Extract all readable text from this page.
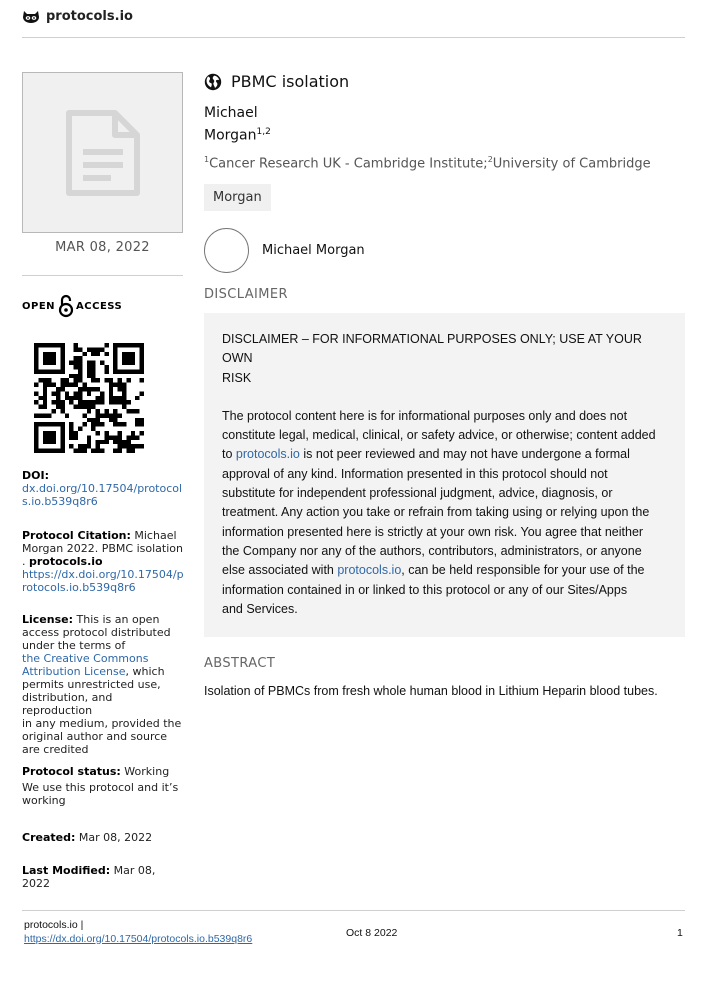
protocols.io
MAR 08, 2022
OPEN ACCESS
DOI:
dx.doi.org/10.17504/protocol
s.io.b539q8r6
Protocol Citation: Michael
Morgan 2022. PBMC isolation
. protocols.io
https://dx.doi.org/10.17504/p
rotocols.io.b539q8r6
License: This is an open
access protocol distributed
under the terms of
the Creative Commons
Attribution License, which
permits unrestricted use,
distribution, and reproduction
in any medium, provided the
original author and source
are credited
Protocol status: Working
We use this protocol and it’s
working
Created: Mar 08, 2022
Last Modified: Mar 08,
2022
PBMC isolation
Michael
Morgan$^{1,2}$
$^1$Cancer Research UK - Cambridge Institute;$^2$University of Cambridge
Morgan
Michael Morgan
DISCLAIMER
DISCLAIMER – FOR INFORMATIONAL PURPOSES ONLY; USE AT YOUR OWN
RISK
The protocol content here is for informational purposes only and does not
constitute legal, medical, clinical, or safety advice, or otherwise; content added
to protocols.io is not peer reviewed and may not have undergone a formal
approval of any kind. Information presented in this protocol should not
substitute for independent professional judgment, advice, diagnosis, or
treatment. Any action you take or refrain from taking using or relying upon the
information presented here is strictly at your own risk. You agree that neither
the Company nor any of the authors, contributors, administrators, or anyone
else associated with protocols.io, can be held responsible for your use of the
information contained in or linked to this protocol or any of our Sites/Apps
and Services.
ABSTRACT
Isolation of PBMCs from fresh whole human blood in Lithium Heparin blood tubes.
protocols.io |
https://dx.doi.org/10.17504/protocols.io.b539q8r6	Oct 8 2022	1
